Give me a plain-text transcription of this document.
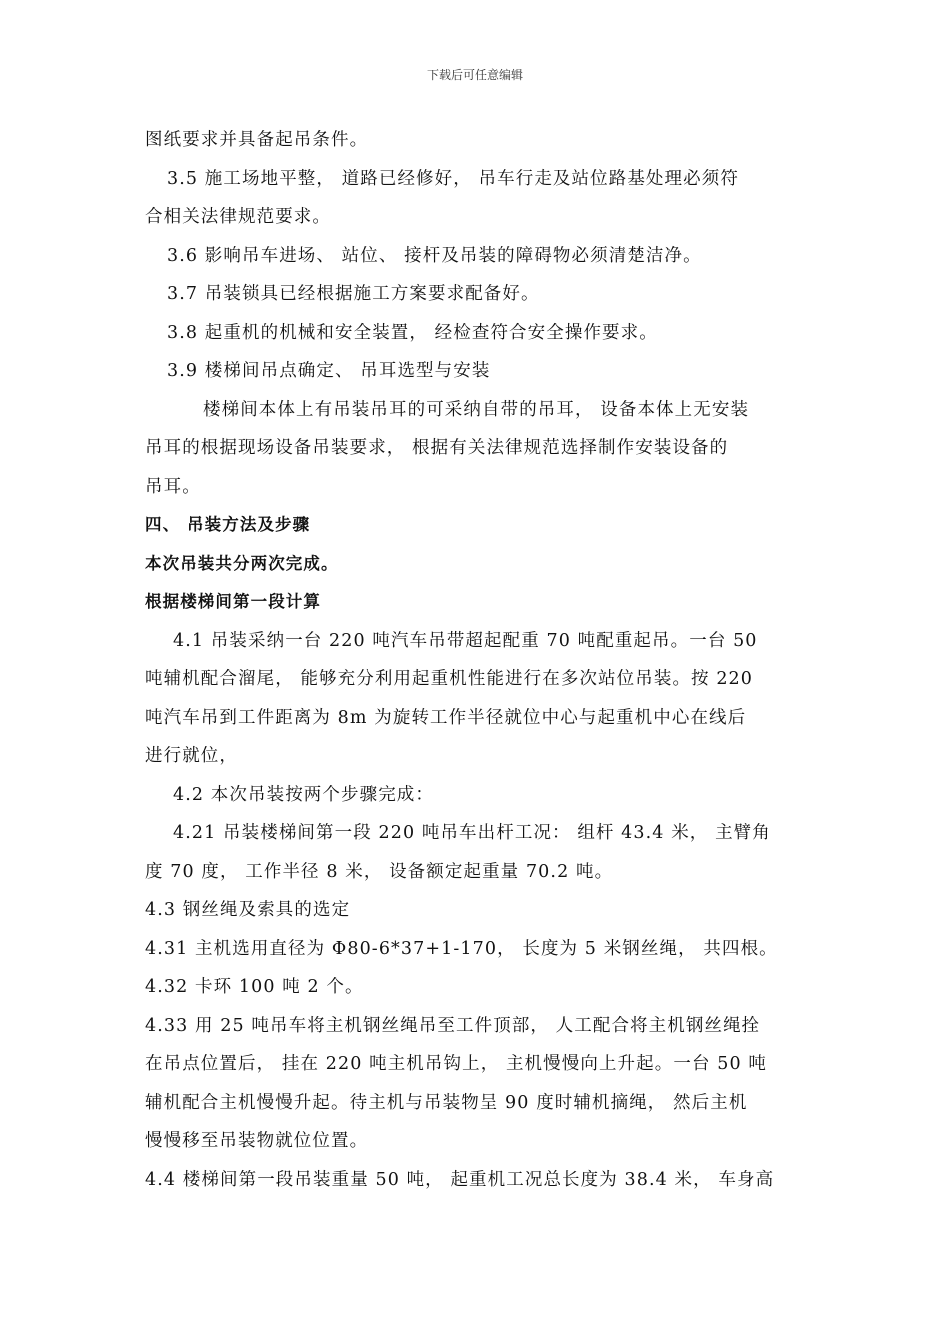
下载后可任意编辑
图纸要求并具备起吊条件。
3.5 施工场地平整， 道路已经修好， 吊车行走及站位路基处理必须符
合相关法律规范要求。
3.6 影响吊车进场、 站位、 接杆及吊装的障碍物必须清楚洁净。
3.7 吊装锁具已经根据施工方案要求配备好。
3.8 起重机的机械和安全装置， 经检查符合安全操作要求。
3.9 楼梯间吊点确定、 吊耳选型与安装
楼梯间本体上有吊装吊耳的可采纳自带的吊耳， 设备本体上无安装
吊耳的根据现场设备吊装要求， 根据有关法律规范选择制作安装设备的
吊耳。
四、 吊装方法及步骤
本次吊装共分两次完成。
根据楼梯间第一段计算
4.1 吊装采纳一台 220 吨汽车吊带超起配重 70 吨配重起吊。一台 50
吨辅机配合溜尾， 能够充分利用起重机性能进行在多次站位吊装。按 220
吨汽车吊到工件距离为 8m 为旋转工作半径就位中心与起重机中心在线后
进行就位，
4.2 本次吊装按两个步骤完成：
4.21 吊装楼梯间第一段 220 吨吊车出杆工况： 组杆 43.4 米， 主臂角
度 70 度， 工作半径 8 米， 设备额定起重量 70.2 吨。
4.3 钢丝绳及索具的选定
4.31 主机选用直径为 Φ80-6*37+1-170， 长度为 5 米钢丝绳， 共四根。
4.32 卡环 100 吨 2 个。
4.33 用 25 吨吊车将主机钢丝绳吊至工件顶部， 人工配合将主机钢丝绳拴
在吊点位置后， 挂在 220 吨主机吊钩上， 主机慢慢向上升起。一台 50 吨
辅机配合主机慢慢升起。待主机与吊装物呈 90 度时辅机摘绳， 然后主机
慢慢移至吊装物就位位置。
4.4 楼梯间第一段吊装重量 50 吨， 起重机工况总长度为 38.4 米， 车身高
